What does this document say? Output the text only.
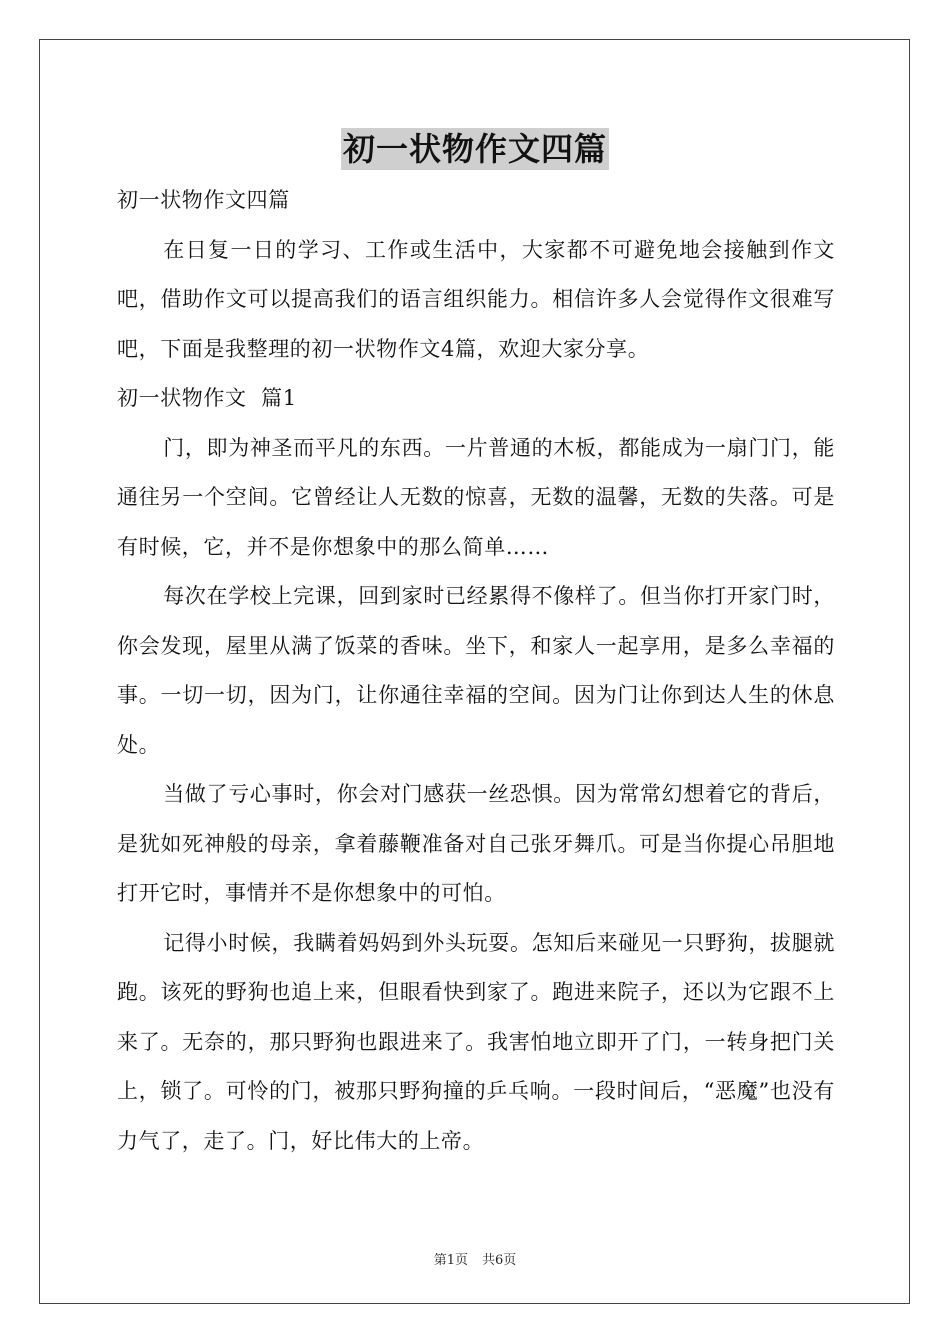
初一状物作文四篇

初一状物作文四篇

在日复一日的学习、工作或生活中，大家都不可避免地会接触到作文吧，借助作文可以提高我们的语言组织能力。相信许多人会觉得作文很难写吧，下面是我整理的初一状物作文4篇，欢迎大家分享。

初一状物作文  篇1

门，即为神圣而平凡的东西。一片普通的木板，都能成为一扇门门，能通往另一个空间。它曾经让人无数的惊喜，无数的温馨，无数的失落。可是有时候，它，并不是你想象中的那么简单……

每次在学校上完课，回到家时已经累得不像样了。但当你打开家门时，你会发现，屋里从满了饭菜的香味。坐下，和家人一起享用，是多么幸福的事。一切一切，因为门，让你通往幸福的空间。因为门让你到达人生的休息处。

当做了亏心事时，你会对门感获一丝恐惧。因为常常幻想着它的背后，是犹如死神般的母亲，拿着藤鞭准备对自己张牙舞爪。可是当你提心吊胆地打开它时，事情并不是你想象中的可怕。

记得小时候，我瞒着妈妈到外头玩耍。怎知后来碰见一只野狗，拔腿就跑。该死的野狗也追上来，但眼看快到家了。跑进来院子，还以为它跟不上来了。无奈的，那只野狗也跟进来了。我害怕地立即开了门，一转身把门关上，锁了。可怜的门，被那只野狗撞的乒乓响。一段时间后，“恶魔”也没有力气了，走了。门，好比伟大的上帝。

第1页 共6页
